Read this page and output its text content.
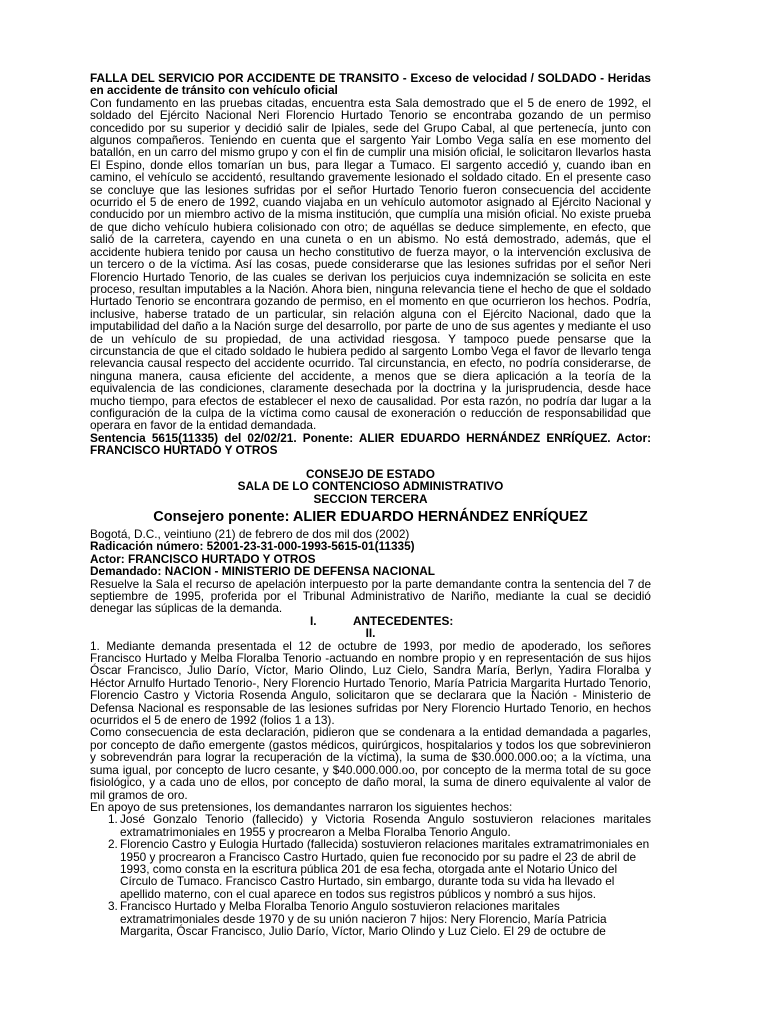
FALLA DEL SERVICIO POR ACCIDENTE DE TRANSITO - Exceso de velocidad / SOLDADO - Heridas en accidente de tránsito con vehículo oficial

Con fundamento en las pruebas citadas, encuentra esta Sala demostrado que el 5 de enero de 1992, el soldado del Ejército Nacional Neri Florencio Hurtado Tenorio se encontraba gozando de un permiso concedido por su superior y decidió salir de Ipiales, sede del Grupo Cabal, al que pertenecía, junto con algunos compañeros. Teniendo en cuenta que el sargento Yair Lombo Vega salía en ese momento del batallón, en un carro del mismo grupo y con el fin de cumplir una misión oficial, le solicitaron llevarlos hasta El Espino, donde ellos tomarían un bus, para llegar a Tumaco. El sargento accedió y, cuando iban en camino, el vehículo se accidentó, resultando gravemente lesionado el soldado citado. En el presente caso se concluye que las lesiones sufridas por el señor Hurtado Tenorio fueron consecuencia del accidente ocurrido el 5 de enero de 1992, cuando viajaba en un vehículo automotor asignado al Ejército Nacional y conducido por un miembro activo de la misma institución, que cumplía una misión oficial. No existe prueba de que dicho vehículo hubiera colisionado con otro; de aquéllas se deduce simplemente, en efecto, que salió de la carretera, cayendo en una cuneta o en un abismo. No está demostrado, además, que el accidente hubiera tenido por causa un hecho constitutivo de fuerza mayor, o la intervención exclusiva de un tercero o de la víctima. Así las cosas, puede considerarse que las lesiones sufridas por el señor Neri Florencio Hurtado Tenorio, de las cuales se derivan los perjuicios cuya indemnización se solicita en este proceso, resultan imputables a la Nación. Ahora bien, ninguna relevancia tiene el hecho de que el soldado Hurtado Tenorio se encontrara gozando de permiso, en el momento en que ocurrieron los hechos. Podría, inclusive, haberse tratado de un particular, sin relación alguna con el Ejército Nacional, dado que la imputabilidad del daño a la Nación surge del desarrollo, por parte de uno de sus agentes y mediante el uso de un vehículo de su propiedad, de una actividad riesgosa. Y tampoco puede pensarse que la circunstancia de que el citado soldado le hubiera pedido al sargento Lombo Vega el favor de llevarlo tenga relevancia causal respecto del accidente ocurrido. Tal circunstancia, en efecto, no podría considerarse, de ninguna manera, causa eficiente del accidente, a menos que se diera aplicación a la teoría de la equivalencia de las condiciones, claramente desechada por la doctrina y la jurisprudencia, desde hace mucho tiempo, para efectos de establecer el nexo de causalidad. Por esta razón, no podría dar lugar a la configuración de la culpa de la víctima como causal de exoneración o reducción de responsabilidad que operara en favor de la entidad demandada.

Sentencia 5615(11335) del 02/02/21. Ponente: ALIER EDUARDO HERNÁNDEZ ENRÍQUEZ. Actor: FRANCISCO HURTADO Y OTROS

CONSEJO DE ESTADO

SALA DE LO CONTENCIOSO ADMINISTRATIVO

SECCION TERCERA

Consejero ponente: ALIER EDUARDO HERNÁNDEZ ENRÍQUEZ

Bogotá, D.C., veintiuno (21) de febrero de dos mil dos (2002)

Radicación número: 52001-23-31-000-1993-5615-01(11335)

Actor: FRANCISCO HURTADO Y OTROS

Demandado: NACION - MINISTERIO DE DEFENSA NACIONAL

Resuelve la Sala el recurso de apelación interpuesto por la parte demandante contra la sentencia del 7 de septiembre de 1995, proferida por el Tribunal Administrativo de Nariño, mediante la cual se decidió denegar las súplicas de la demanda.

I.	ANTECEDENTES:

II.

1. Mediante demanda presentada el 12 de octubre de 1993, por medio de apoderado, los señores Francisco Hurtado y Melba Floralba Tenorio -actuando en nombre propio y en representación de sus hijos Óscar Francisco, Julio Darío, Víctor, Mario Olindo, Luz Cielo, Sandra María, Berlyn, Yadira Floralba y Héctor Arnulfo Hurtado Tenorio-, Nery Florencio Hurtado Tenorio, María Patricia Margarita Hurtado Tenorio, Florencio Castro y Victoria Rosenda Angulo, solicitaron que se declarara que la Nación - Ministerio de Defensa Nacional es responsable de las lesiones sufridas por Nery Florencio Hurtado Tenorio, en hechos ocurridos el 5 de enero de 1992 (folios 1 a 13).

Como consecuencia de esta declaración, pidieron que se condenara a la entidad demandada a pagarles, por concepto de daño emergente (gastos médicos, quirúrgicos, hospitalarios y todos los que sobrevinieron y sobrevendrán para lograr la recuperación de la víctima), la suma de $30.000.000.oo; a la víctima, una suma igual, por concepto de lucro cesante, y $40.000.000.oo, por concepto de la merma total de su goce fisiológico, y a cada uno de ellos, por concepto de daño moral, la suma de dinero equivalente al valor de mil gramos de oro.

En apoyo de sus pretensiones, los demandantes narraron los siguientes hechos:

1. José Gonzalo Tenorio (fallecido) y Victoria Rosenda Angulo sostuvieron relaciones maritales extramatrimoniales en 1955 y procrearon a Melba Floralba Tenorio Angulo.
2. Florencio Castro y Eulogia Hurtado (fallecida) sostuvieron relaciones maritales extramatrimoniales en 1950 y procrearon a Francisco Castro Hurtado, quien fue reconocido por su padre el 23 de abril de 1993, como consta en la escritura pública 201 de esa fecha, otorgada ante el Notario Único del Círculo de Tumaco. Francisco Castro Hurtado, sin embargo, durante toda su vida ha llevado el apellido materno, con el cual aparece en todos sus registros públicos y nombró a sus hijos.
3. Francisco Hurtado y Melba Floralba Tenorio Angulo sostuvieron relaciones maritales extramatrimoniales desde 1970 y de su unión nacieron 7 hijos: Nery Florencio, María Patricia Margarita, Óscar Francisco, Julio Darío, Víctor, Mario Olindo y Luz Cielo. El 29 de octubre de
